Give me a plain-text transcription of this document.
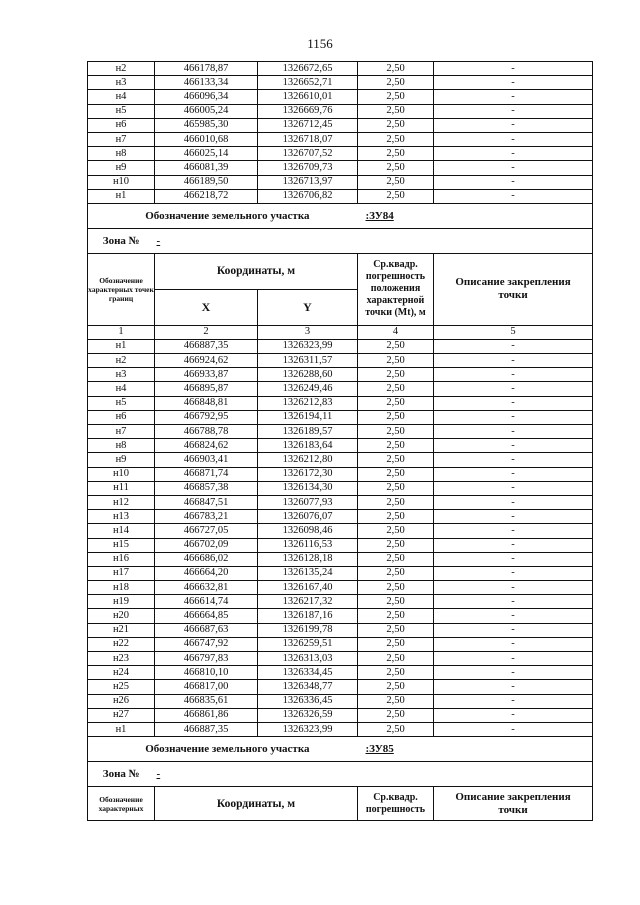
1156
н2	466178,87	1326672,65	2,50	-
н3	466133,34	1326652,71	2,50	-
н4	466096,34	1326610,01	2,50	-
н5	466005,24	1326669,76	2,50	-
н6	465985,30	1326712,45	2,50	-
н7	466010,68	1326718,07	2,50	-
н8	466025,14	1326707,52	2,50	-
н9	466081,39	1326709,73	2,50	-
н10	466189,50	1326713,97	2,50	-
н1	466218,72	1326706,82	2,50	-
Обозначение земельного участка			:ЗУ84	
Зона №	-			
Обозначение характерных точек границ	Координаты, м		Ср.квадр. погрешность положения характерной точки (Mt), м	Описание закрепления точки
	X	Y		
1	2	3	4	5
н1	466887,35	1326323,99	2,50	-
н2	466924,62	1326311,57	2,50	-
н3	466933,87	1326288,60	2,50	-
н4	466895,87	1326249,46	2,50	-
н5	466848,81	1326212,83	2,50	-
н6	466792,95	1326194,11	2,50	-
н7	466788,78	1326189,57	2,50	-
н8	466824,62	1326183,64	2,50	-
н9	466903,41	1326212,80	2,50	-
н10	466871,74	1326172,30	2,50	-
н11	466857,38	1326134,30	2,50	-
н12	466847,51	1326077,93	2,50	-
н13	466783,21	1326076,07	2,50	-
н14	466727,05	1326098,46	2,50	-
н15	466702,09	1326116,53	2,50	-
н16	466686,02	1326128,18	2,50	-
н17	466664,20	1326135,24	2,50	-
н18	466632,81	1326167,40	2,50	-
н19	466614,74	1326217,32	2,50	-
н20	466664,85	1326187,16	2,50	-
н21	466687,63	1326199,78	2,50	-
н22	466747,92	1326259,51	2,50	-
н23	466797,83	1326313,03	2,50	-
н24	466810,10	1326334,45	2,50	-
н25	466817,00	1326348,77	2,50	-
н26	466835,61	1326336,45	2,50	-
н27	466861,86	1326326,59	2,50	-
н1	466887,35	1326323,99	2,50	-
Обозначение земельного участка			:ЗУ85	
Зона №	-			
Обозначение характерных	Координаты, м		Ср.квадр. погрешность	Описание закрепления точки
